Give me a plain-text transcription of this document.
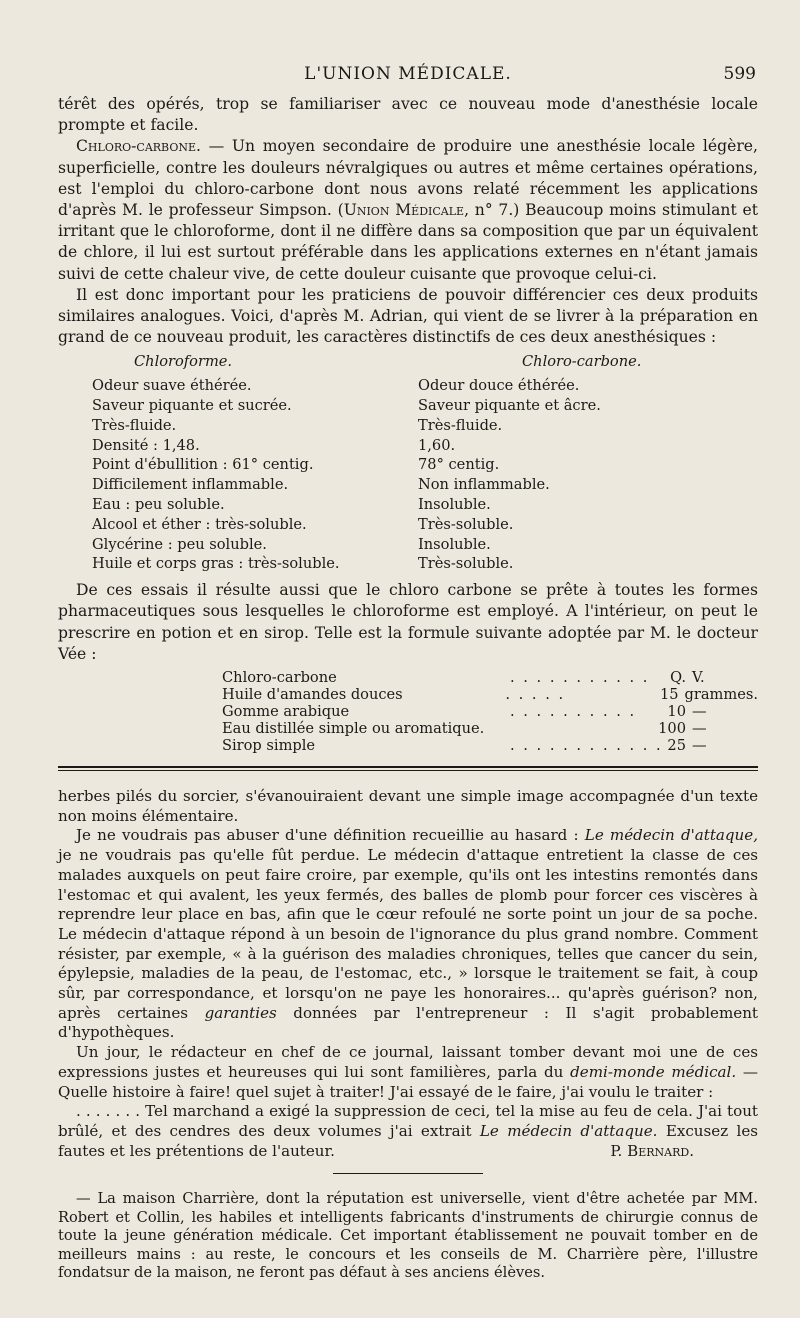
L'UNION MÉDICALE.	599

térêt des opérés, trop se familiariser avec ce nouveau mode d'anesthésie locale prompte et facile.

Chloro-carbone. — Un moyen secondaire de produire une anesthésie locale légère, superficielle, contre les douleurs névralgiques ou autres et même certaines opérations, est l'emploi du chloro-carbone dont nous avons relaté récemment les applications d'après M. le professeur Simpson. (Union Médicale, n° 7.) Beaucoup moins stimulant et irritant que le chloroforme, dont il ne diffère dans sa composition que par un équivalent de chlore, il lui est surtout préférable dans les applications externes en n'étant jamais suivi de cette chaleur vive, de cette douleur cuisante que provoque celui-ci.

Il est donc important pour les praticiens de pouvoir différencier ces deux produits similaires analogues. Voici, d'après M. Adrian, qui vient de se livrer à la préparation en grand de ce nouveau produit, les caractères distinctifs de ces deux anesthésiques :

Chloroforme.	Chloro-carbone.
Odeur suave éthérée.	Odeur douce éthérée.
Saveur piquante et sucrée.	Saveur piquante et âcre.
Très-fluide.	Très-fluide.
Densité : 1,48.	1,60.
Point d'ébullition : 61° centig.	78° centig.
Difficilement inflammable.	Non inflammable.
Eau : peu soluble.	Insoluble.
Alcool et éther : très-soluble.	Très-soluble.
Glycérine : peu soluble.	Insoluble.
Huile et corps gras : très-soluble.	Très-soluble.

De ces essais il résulte aussi que le chloro carbone se prête à toutes les formes pharmaceutiques sous lesquelles le chloroforme est employé. A l'intérieur, on peut le prescrire en potion et en sirop. Telle est la formule suivante adoptée par M. le docteur Vée :

Chloro-carbone	. . . . . . . . . . .	Q. V.
Huile d'amandes douces	. . . . .	15 grammes.
Gomme arabique	. . . . . . . . . .	10 —
Eau distillée simple ou aromatique.	100 —
Sirop simple	. . . . . . . . . . . . 25 —

herbes pilés du sorcier, s'évanouiraient devant une simple image accompagnée d'un texte non moins élémentaire.

Je ne voudrais pas abuser d'une définition recueillie au hasard : Le médecin d'attaque, je ne voudrais pas qu'elle fût perdue. Le médecin d'attaque entretient la classe de ces malades auxquels on peut faire croire, par exemple, qu'ils ont les intestins remontés dans l'estomac et qui avalent, les yeux fermés, des balles de plomb pour forcer ces viscères à reprendre leur place en bas, afin que le cœur refoulé ne sorte point un jour de sa poche. Le médecin d'attaque répond à un besoin de l'ignorance du plus grand nombre. Comment résister, par exemple, « à la guérison des maladies chroniques, telles que cancer du sein, épylepsie, maladies de la peau, de l'estomac, etc., » lorsque le traitement se fait, à coup sûr, par correspondance, et lorsqu'on ne paye les honoraires... qu'après guérison? non, après certaines garanties données par l'entrepreneur : Il s'agit probablement d'hypothèques.

Un jour, le rédacteur en chef de ce journal, laissant tomber devant moi une de ces expressions justes et heureuses qui lui sont familières, parla du demi-monde médical. — Quelle histoire à faire! quel sujet à traiter! J'ai essayé de le faire, j'ai voulu le traiter :

. . . . . . . Tel marchand a exigé la suppression de ceci, tel la mise au feu de cela. J'ai tout brûlé, et des cendres des deux volumes j'ai extrait Le médecin d'attaque. Excusez les fautes et les prétentions de l'auteur.	P. Bernard.

— La maison Charrière, dont la réputation est universelle, vient d'être achetée par MM. Robert et Collin, les habiles et intelligents fabricants d'instruments de chirurgie connus de toute la jeune génération médicale. Cet important établissement ne pouvait tomber en de meilleurs mains : au reste, le concours et les conseils de M. Charrière père, l'illustre fondatsur de la maison, ne feront pas défaut à ses anciens élèves.
